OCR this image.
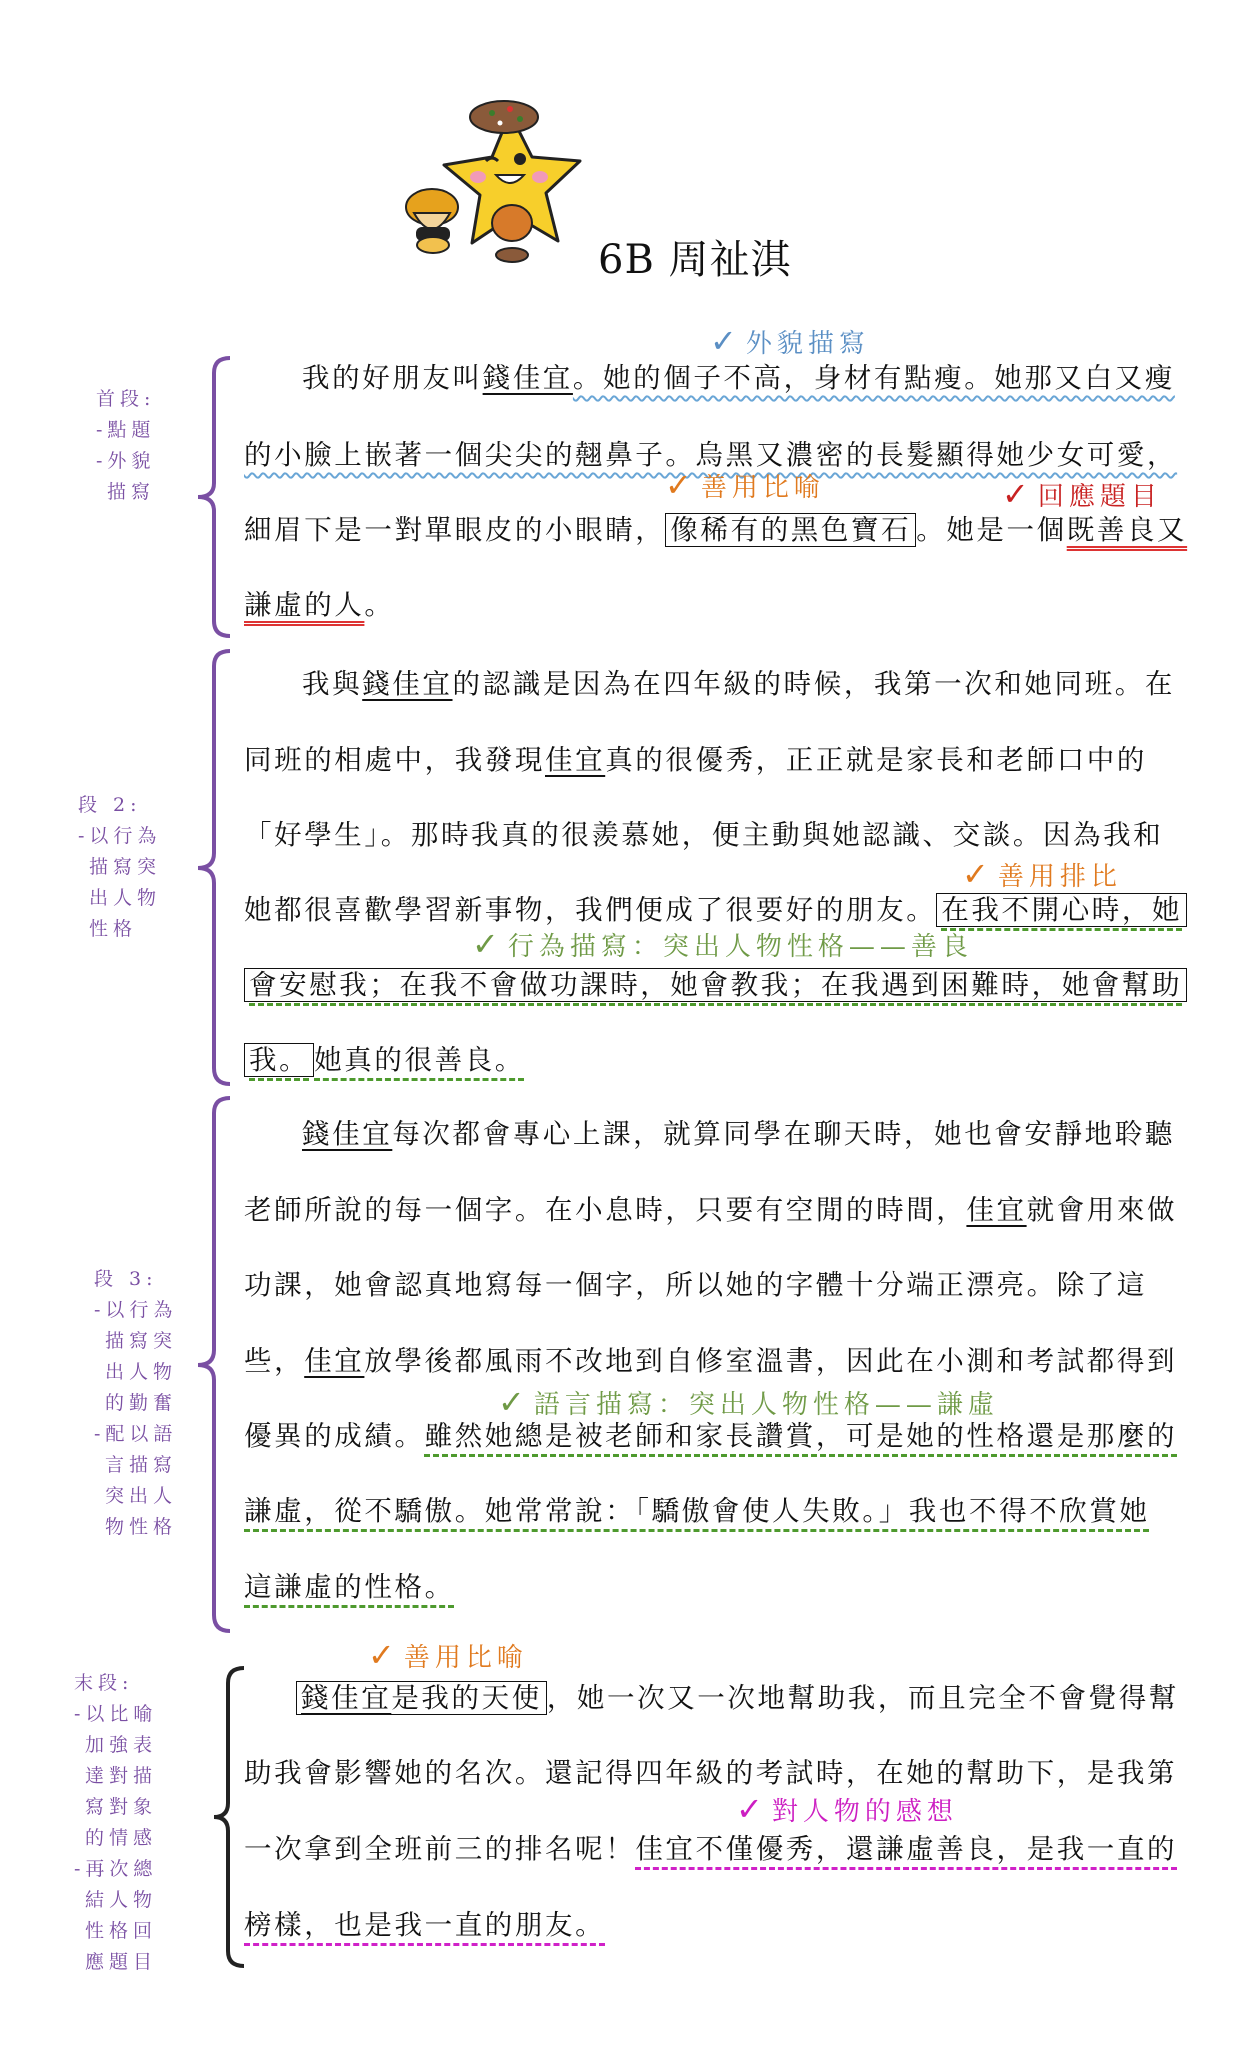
6B 周祉淇
首段:
-點題
-外貌
描寫
✓ 外貌描寫
我的好朋友叫錢佳宜。她的個子不高，身材有點瘦。她那又白又瘦
的小臉上嵌著一個尖尖的翹鼻子。烏黑又濃密的長髮顯得她少女可愛，
✓ 善用比喻	✓ 回應題目
細眉下是一對單眼皮的小眼睛， 像稀有的黑色寶石 。她是一個既善良又
謙虛的人。
段 2:
-以行為
描寫突
出人物
性格
我與錢佳宜的認識是因為在四年級的時候，我第一次和她同班。在
同班的相處中，我發現佳宜真的很優秀，正正就是家長和老師口中的
「好學生」。那時我真的很羨慕她，便主動與她認識、交談。因為我和
✓ 善用排比
她都很喜歡學習新事物，我們便成了很要好的朋友。 在我不開心時，她
✓ 行為描寫：突出人物性格——善良
會安慰我；在我不會做功課時，她會教我；在我遇到困難時，她會幫助
我。 她真的很善良。
段 3:
-以行為
描寫突
出人物
的勤奮
-配以語
言描寫
突出人
物性格
錢佳宜每次都會專心上課，就算同學在聊天時，她也會安靜地聆聽
老師所說的每一個字。在小息時，只要有空閒的時間，佳宜就會用來做
功課，她會認真地寫每一個字，所以她的字體十分端正漂亮。除了這
些，佳宜放學後都風雨不改地到自修室溫書，因此在小測和考試都得到
✓ 語言描寫：突出人物性格——謙虛
優異的成績。雖然她總是被老師和家長讚賞，可是她的性格還是那麼的
謙虛，從不驕傲。她常常說：「驕傲會使人失敗。」我也不得不欣賞她
這謙虛的性格。
末段:
-以比喻
加強表
達對描
寫對象
的情感
-再次總
結人物
性格回
應題目
✓ 善用比喻
錢佳宜是我的天使 ，她一次又一次地幫助我，而且完全不會覺得幫
助我會影響她的名次。還記得四年級的考試時，在她的幫助下，是我第
✓ 對人物的感想
一次拿到全班前三的排名呢！佳宜不僅優秀，還謙虛善良，是我一直的
榜樣，也是我一直的朋友。
